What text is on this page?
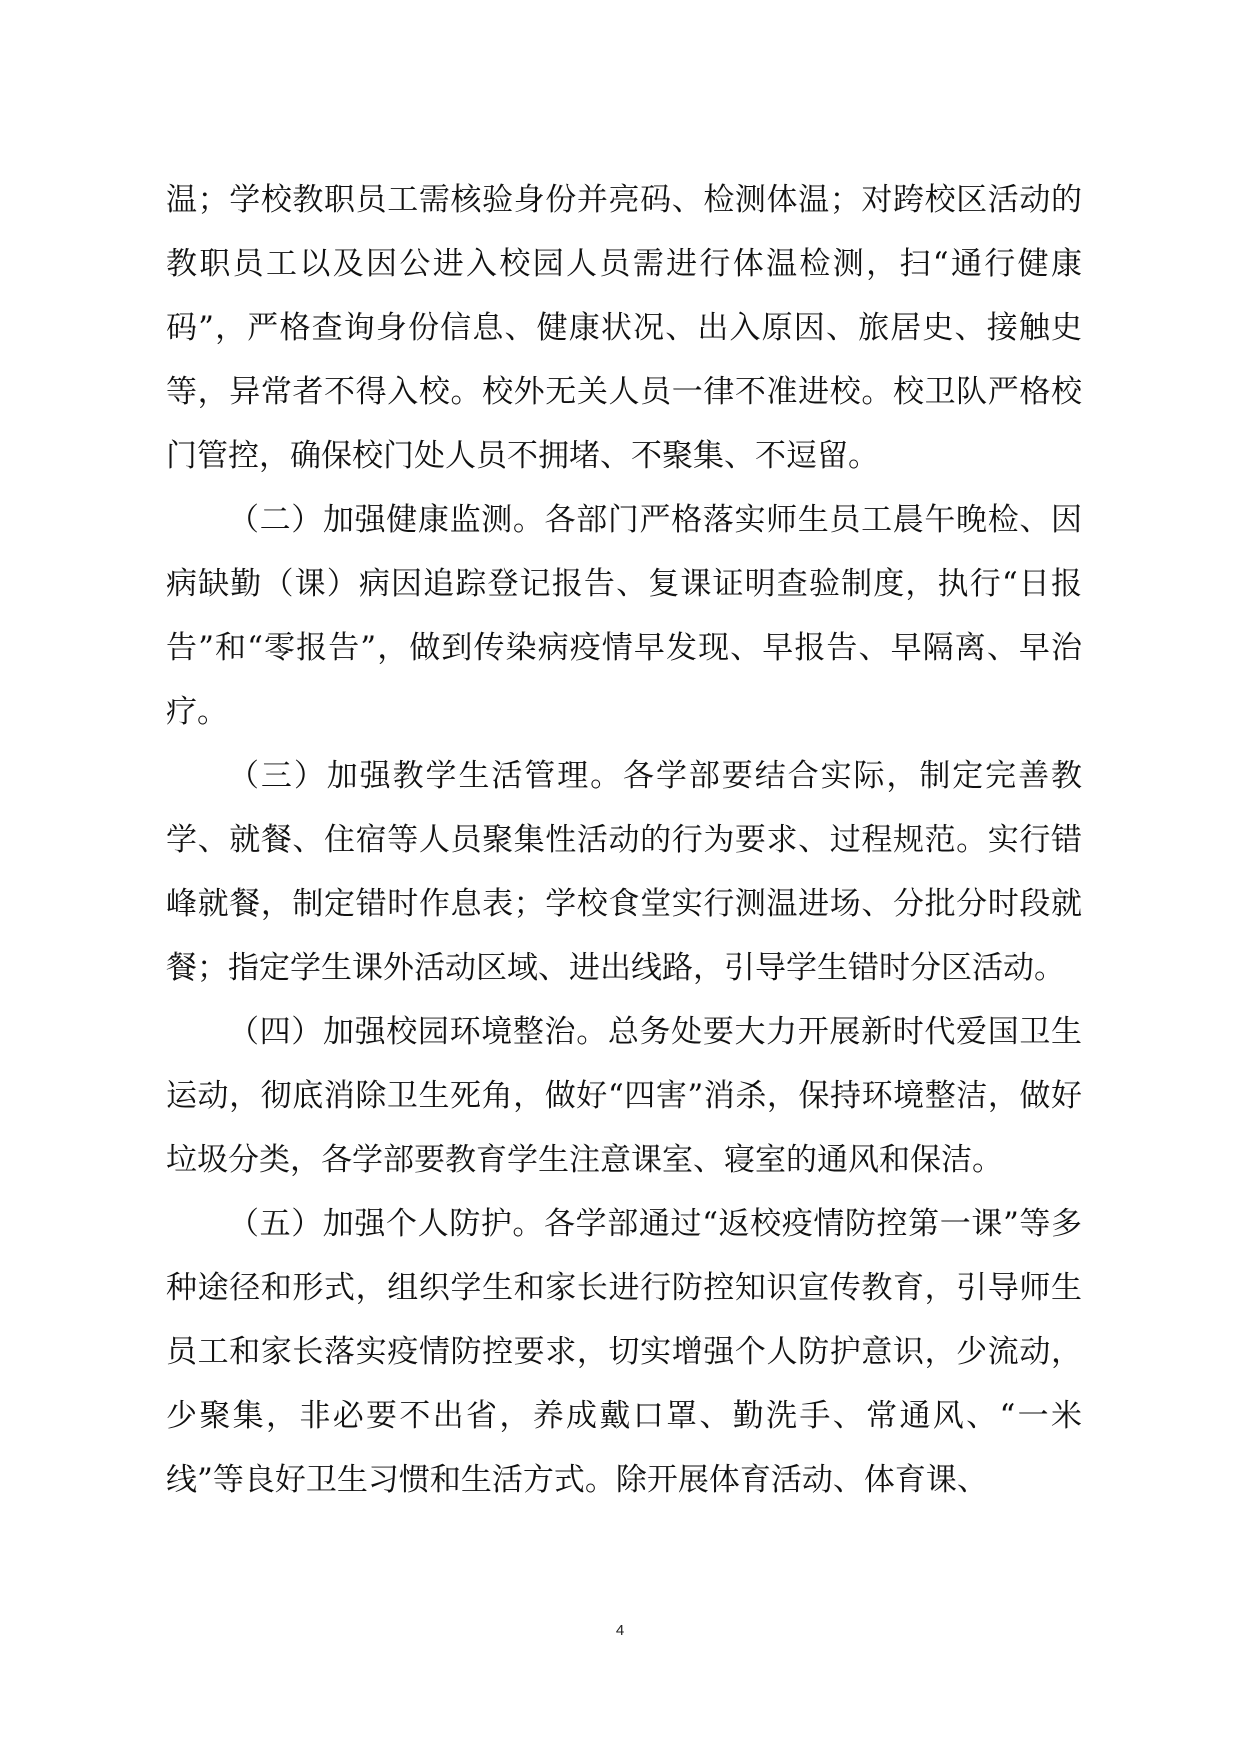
温；学校教职员工需核验身份并亮码、检测体温；对跨校区活动的教职员工以及因公进入校园人员需进行体温检测，扫“通行健康码”，严格查询身份信息、健康状况、出入原因、旅居史、接触史等，异常者不得入校。校外无关人员一律不准进校。校卫队严格校门管控，确保校门处人员不拥堵、不聚集、不逗留。

（二）加强健康监测。各部门严格落实师生员工晨午晚检、因病缺勤（课）病因追踪登记报告、复课证明查验制度，执行“日报告”和“零报告”，做到传染病疫情早发现、早报告、早隔离、早治疗。

（三）加强教学生活管理。各学部要结合实际，制定完善教学、就餐、住宿等人员聚集性活动的行为要求、过程规范。实行错峰就餐，制定错时作息表；学校食堂实行测温进场、分批分时段就餐；指定学生课外活动区域、进出线路，引导学生错时分区活动。

（四）加强校园环境整治。总务处要大力开展新时代爱国卫生运动，彻底消除卫生死角，做好“四害”消杀，保持环境整洁，做好垃圾分类，各学部要教育学生注意课室、寝室的通风和保洁。

（五）加强个人防护。各学部通过“返校疫情防控第一课”等多种途径和形式，组织学生和家长进行防控知识宣传教育，引导师生员工和家长落实疫情防控要求，切实增强个人防护意识，少流动，少聚集，非必要不出省，养成戴口罩、勤洗手、常通风、“一米线”等良好卫生习惯和生活方式。除开展体育活动、体育课、

4
